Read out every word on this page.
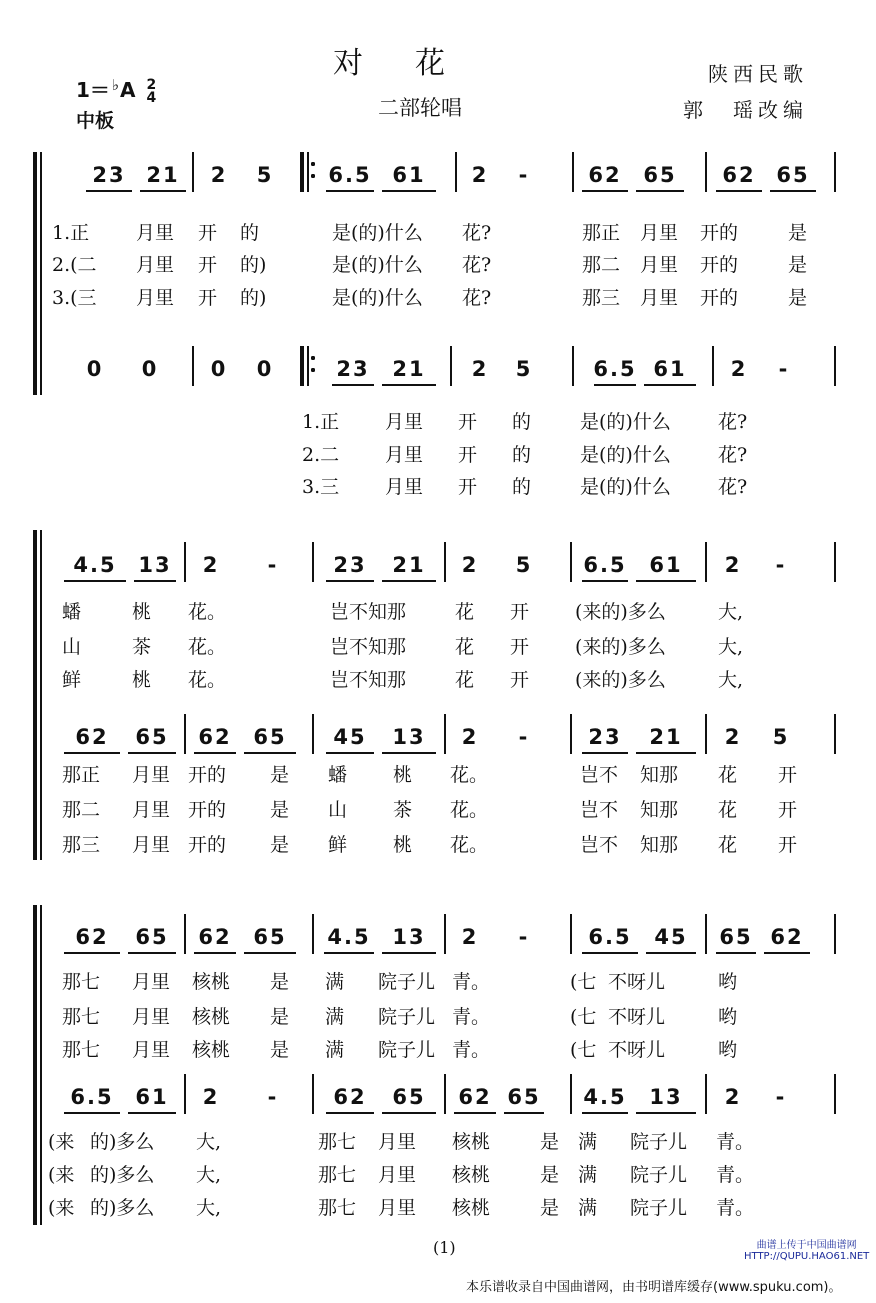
对花
二部轮唱
陕西民歌
郭　瑶改编
1＝ ♭A 2
4
中板
(1)	曲谱上传于中国曲谱网
HTTP://QUPU.HAO61.NET
本乐谱收录自中国曲谱网，由书明谱库缓存(www.spuku.com)。
23 21	2	5	6.5 61	2	-	62	65	62 65
1.正 月里 开 的	是(的)什么 花?	那正 月里 开的	是
2.(二 月里 开 的)	是(的)什么 花?	那二 月里 开的	是
3.(三 月里 开 的)	是(的)什么 花?	那三 月里 开的	是
0	0	0	0	23	21	2	5	6.5 61	2	-
1.正 月里 开 的	是(的)什么 花?
2.二 月里 开 的	是(的)什么 花?
3.三 月里 开 的	是(的)什么 花?
4.5	13	2	-	23	21	2	5	6.5	61	2	-
蟠	桃 花。	岂不知那	花 开 (来的)多么	大,
山	茶 花。	岂不知那	花 开 (来的)多么	大,
鲜	桃 花。	岂不知那	花 开 (来的)多么	大,
62	65	62	65	45	13	2	-	23	21	2	5
那正 月里 开的 是 蟠 桃 花。	岂不 知那 花 开
那二 月里 开的 是 山 茶 花。	岂不 知那 花 开
那三 月里 开的 是 鲜 桃 花。	岂不 知那 花 开
62	65	62	65	4.5	13	2	-	6.5	45	65 62
那七 月里 核桃 是 满 院子儿 青。	(七 不呀儿	哟
那七 月里 核桃 是 满 院子儿 青。	(七 不呀儿	哟
那七 月里 核桃 是 满 院子儿 青。	(七 不呀儿	哟
6.5	61	2	-	62	65	62 65	4.5	13	2	-
(来 的)多么 大,	那七 月里 核桃	是 满 院子儿 青。
(来 的)多么 大,	那七 月里 核桃	是 满 院子儿 青。
(来 的)多么 大,	那七 月里 核桃	是 满 院子儿 青。
